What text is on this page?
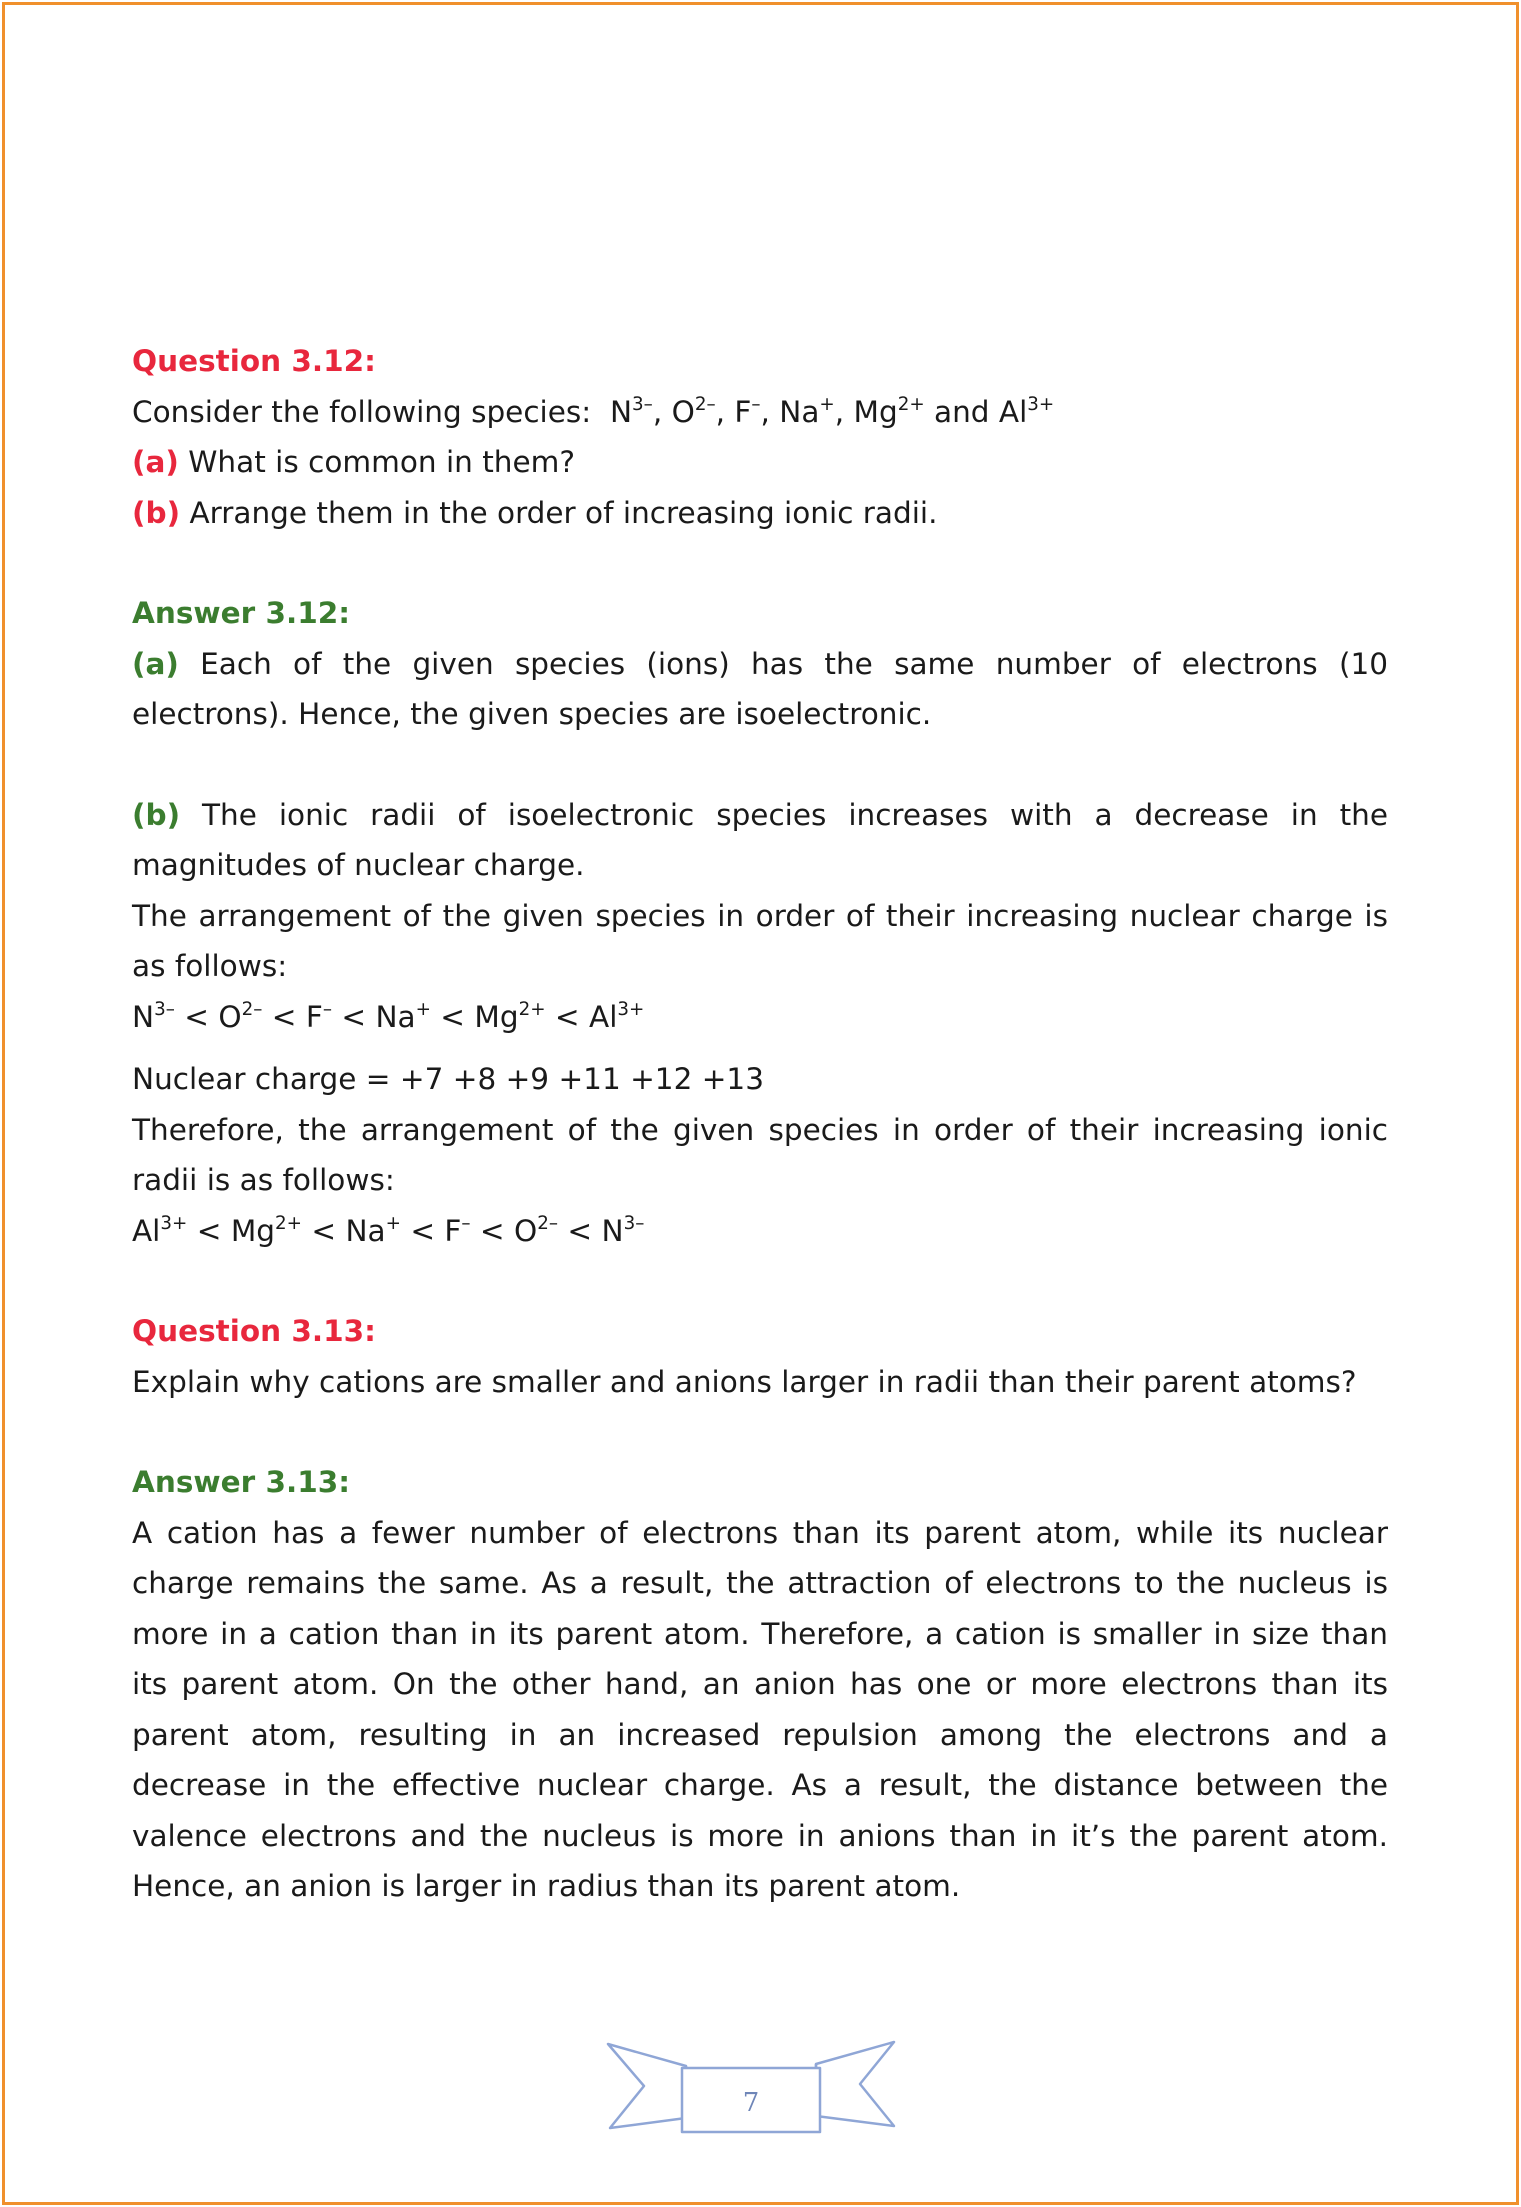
Question 3.12:

Consider the following species: $N^{3-}$, $O^{2-}$, F–, Na+, $Mg^{2+}$ and $Al^{3+}$

(a) What is common in them?

(b) Arrange them in the order of increasing ionic radii.

Answer 3.12:

(a) Each of the given species (ions) has the same number of electrons (10 electrons). Hence, the given species are isoelectronic.

(b) The ionic radii of isoelectronic species increases with a decrease in the magnitudes of nuclear charge.

The arrangement of the given species in order of their increasing nuclear charge is as follows:

$N^{3-} < O^{2-} < F^- < Na^+ < Mg^{2+} < Al^{3+}$

Nuclear charge = +7 +8 +9 +11 +12 +13

Therefore, the arrangement of the given species in order of their increasing ionic radii is as follows:

$Al^{3+} < Mg^{2+} < Na^+ < F^- < O^{2-} < N^{3-}$

Question 3.13:

Explain why cations are smaller and anions larger in radii than their parent atoms?

Answer 3.13:

A cation has a fewer number of electrons than its parent atom, while its nuclear charge remains the same. As a result, the attraction of electrons to the nucleus is more in a cation than in its parent atom. Therefore, a cation is smaller in size than its parent atom. On the other hand, an anion has one or more electrons than its parent atom, resulting in an increased repulsion among the electrons and a decrease in the effective nuclear charge. As a result, the distance between the valence electrons and the nucleus is more in anions than in it’s the parent atom. Hence, an anion is larger in radius than its parent atom.

7
